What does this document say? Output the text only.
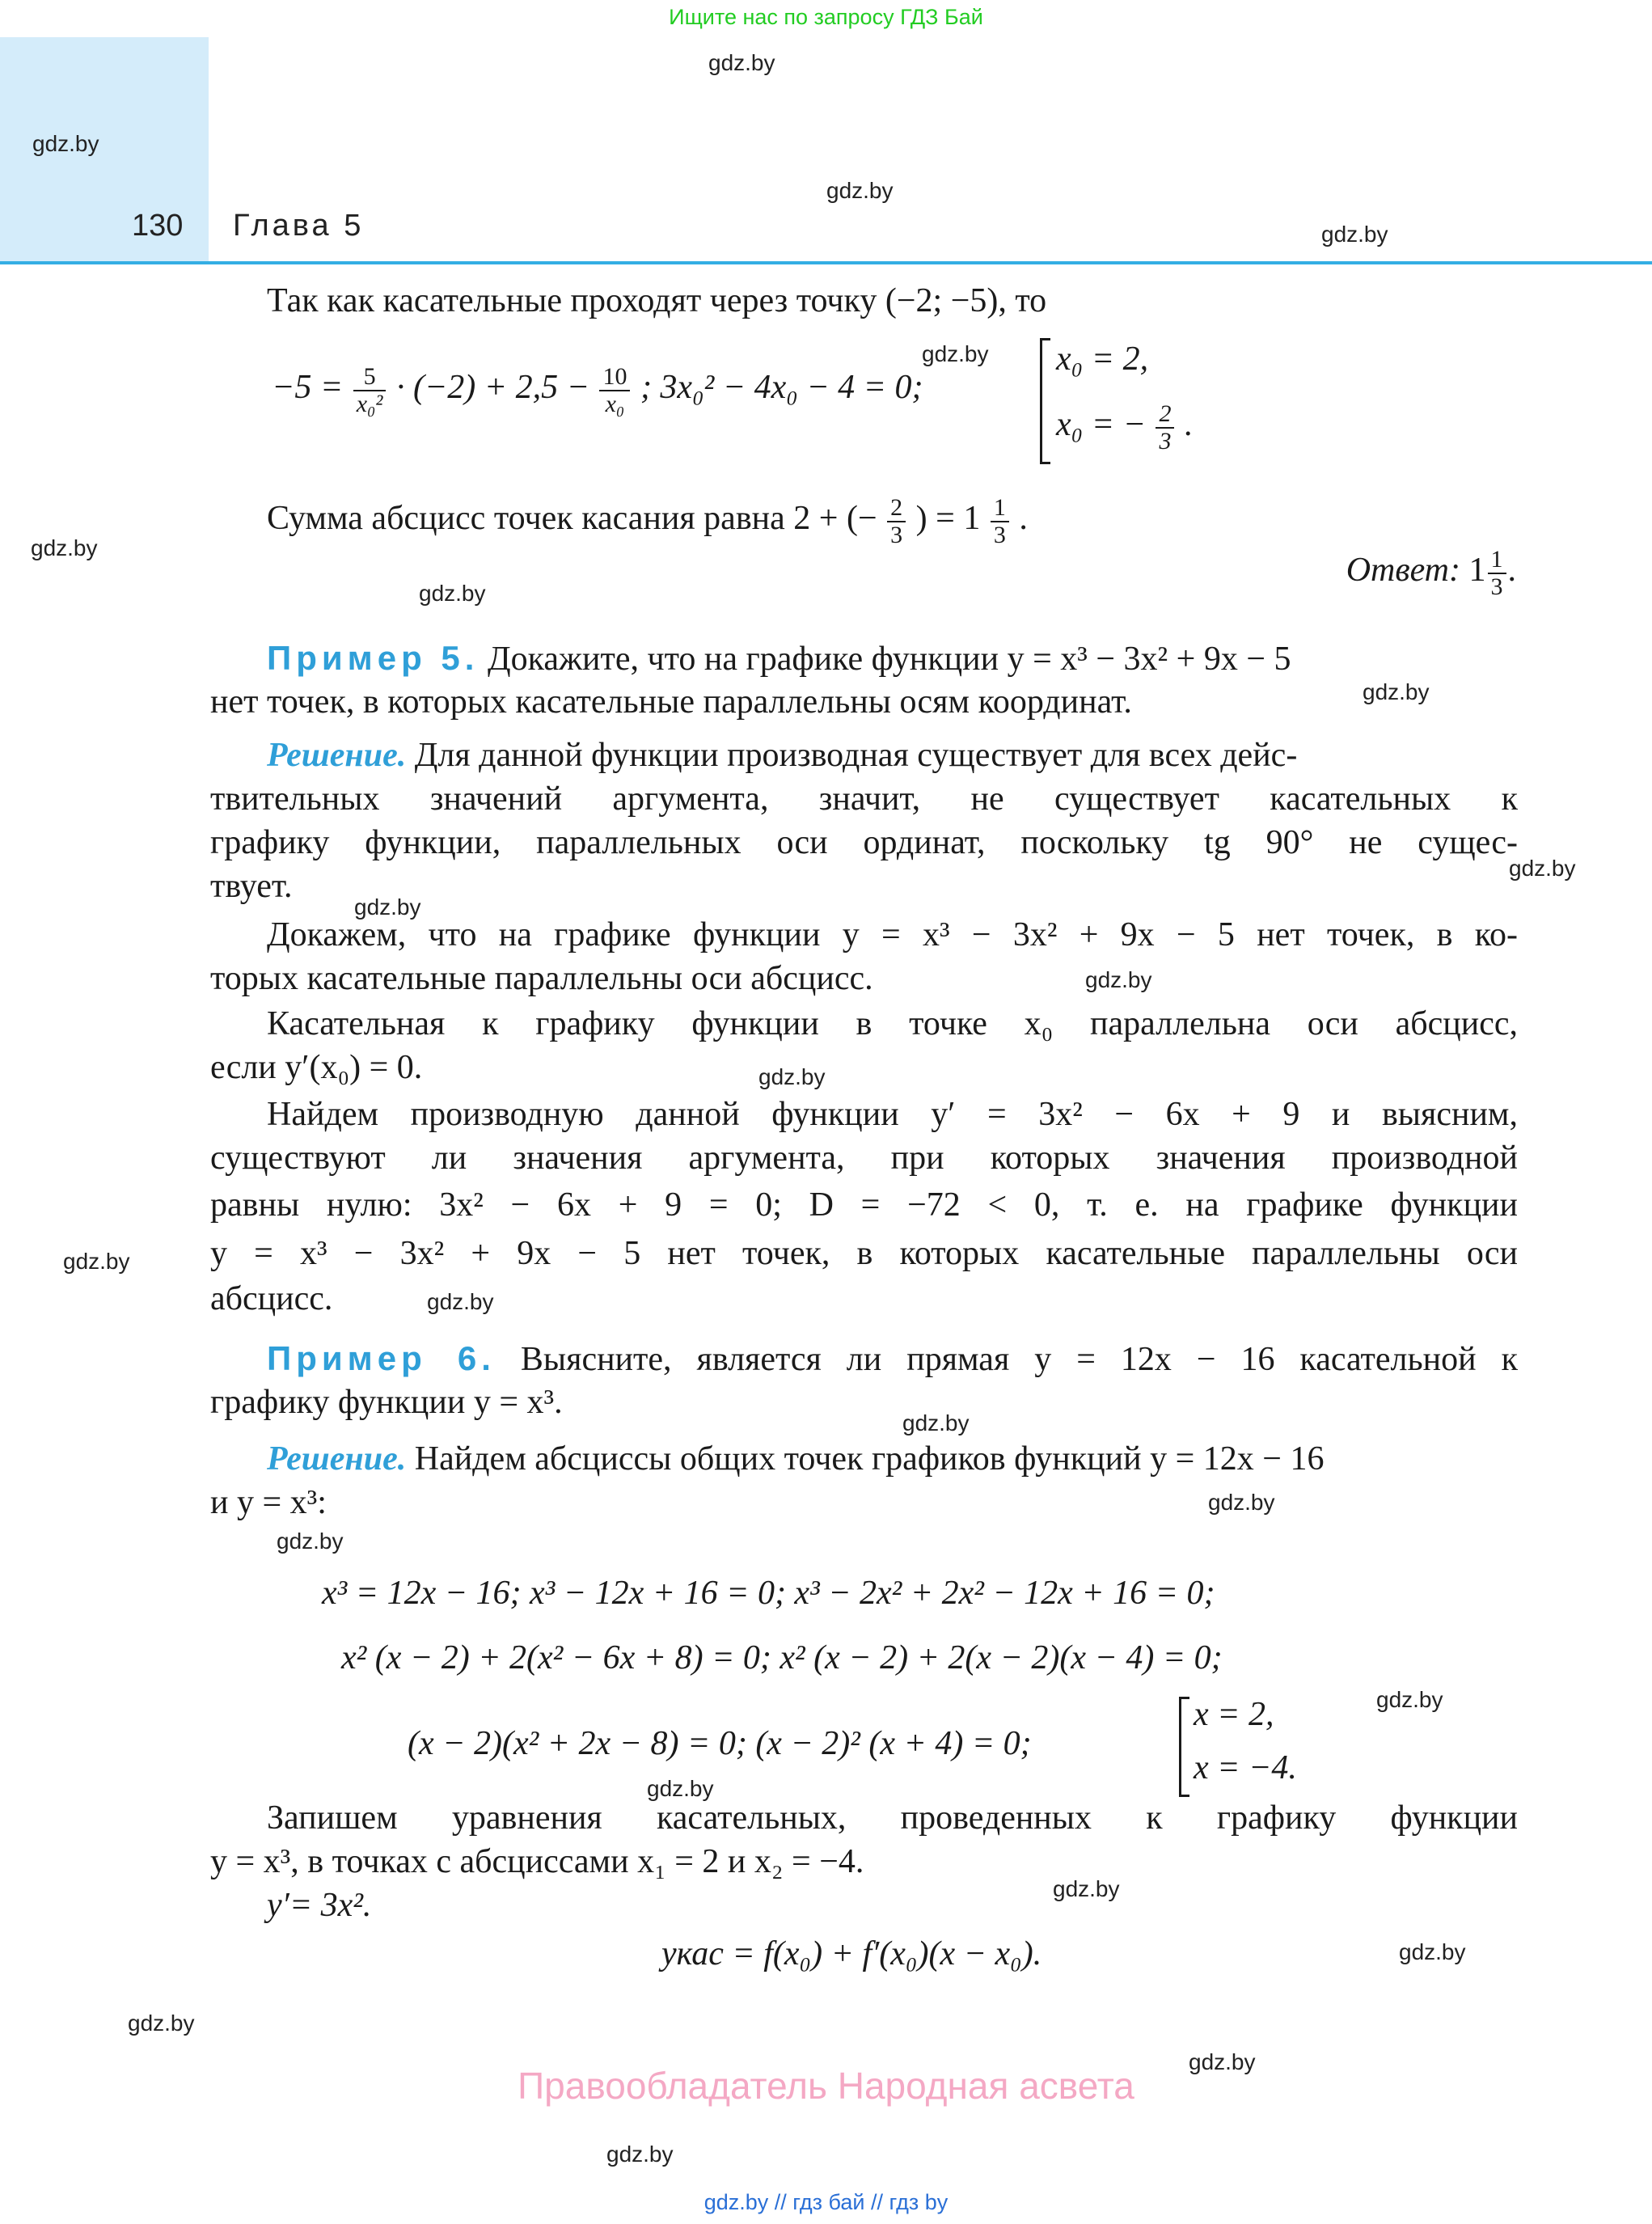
Ищите нас по запросу ГДЗ Бай
130 Глава 5
gdz.by
gdz.by
gdz.by
gdz.by
gdz.by
gdz.by
gdz.by
gdz.by
gdz.by
gdz.by
gdz.by
gdz.by
gdz.by
gdz.by
gdz.by
gdz.by
gdz.by
gdz.by
gdz.by
gdz.by
gdz.by
gdz.by
gdz.by
gdz.by
Так как касательные проходят через точку (−2; −5), то
$-5 = \frac{5}{\text{x₀²}} \cdot (-2) + 2,5 - \frac{10}{\text{x₀}}$ ; 3x₀² − 4x₀ − 4 = 0;
x₀ = 2,
x₀ = − $\frac{2}{3}$ .
Сумма абсцисс точек касания равна 2 + (− $\frac{2}{3}$ ) = $1 \frac{1}{3}$ .
Ответ: $1 \frac{1}{3}$ .
Пример 5. Докажите, что на графике функции y = x³ − 3x² + 9x − 5
нет точек, в которых касательные параллельны осям координат.
Решение. Для данной функции производная существует для всех дейс-
твительных значений аргумента, значит, не существует касательных к
графику функции, параллельных оси ординат, поскольку tg 90° не сущес-
твует.
Докажем, что на графике функции y = x³ − 3x² + 9x − 5 нет точек, в ко-
торых касательные параллельны оси абсцисс.
Касательная к графику функции в точке x₀ параллельна оси абсцисс,
если y′(x₀) = 0.
Найдем производную данной функции y′ = 3x² − 6x + 9 и выясним,
существуют ли значения аргумента, при которых значения производной
равны нулю: 3x² − 6x + 9 = 0; D = −72 < 0, т. е. на графике функции
y = x³ − 3x² + 9x − 5 нет точек, в которых касательные параллельны оси
абсцисс.
Пример 6. Выясните, является ли прямая y = 12x − 16 касательной к
графику функции y = x³.
Решение. Найдем абсциссы общих точек графиков функций y = 12x − 16
и y = x³:
x³ = 12x − 16; x³ − 12x + 16 = 0; x³ − 2x² + 2x² − 12x + 16 = 0;
x² (x − 2) + 2(x² − 6x + 8) = 0; x² (x − 2) + 2(x − 2)(x − 4) = 0;
(x − 2)(x² + 2x − 8) = 0; (x − 2)² (x + 4) = 0;
x = 2,
x = −4.
Запишем уравнения касательных, проведенных к графику функции
y = x³, в точках с абсциссами x₁ = 2 и x₂ = −4.
y′= 3x².
yкас = f(x₀) + f′(x₀)(x − x₀).
Правообладатель Народная асвета
gdz.by // гдз бай // гдз by
